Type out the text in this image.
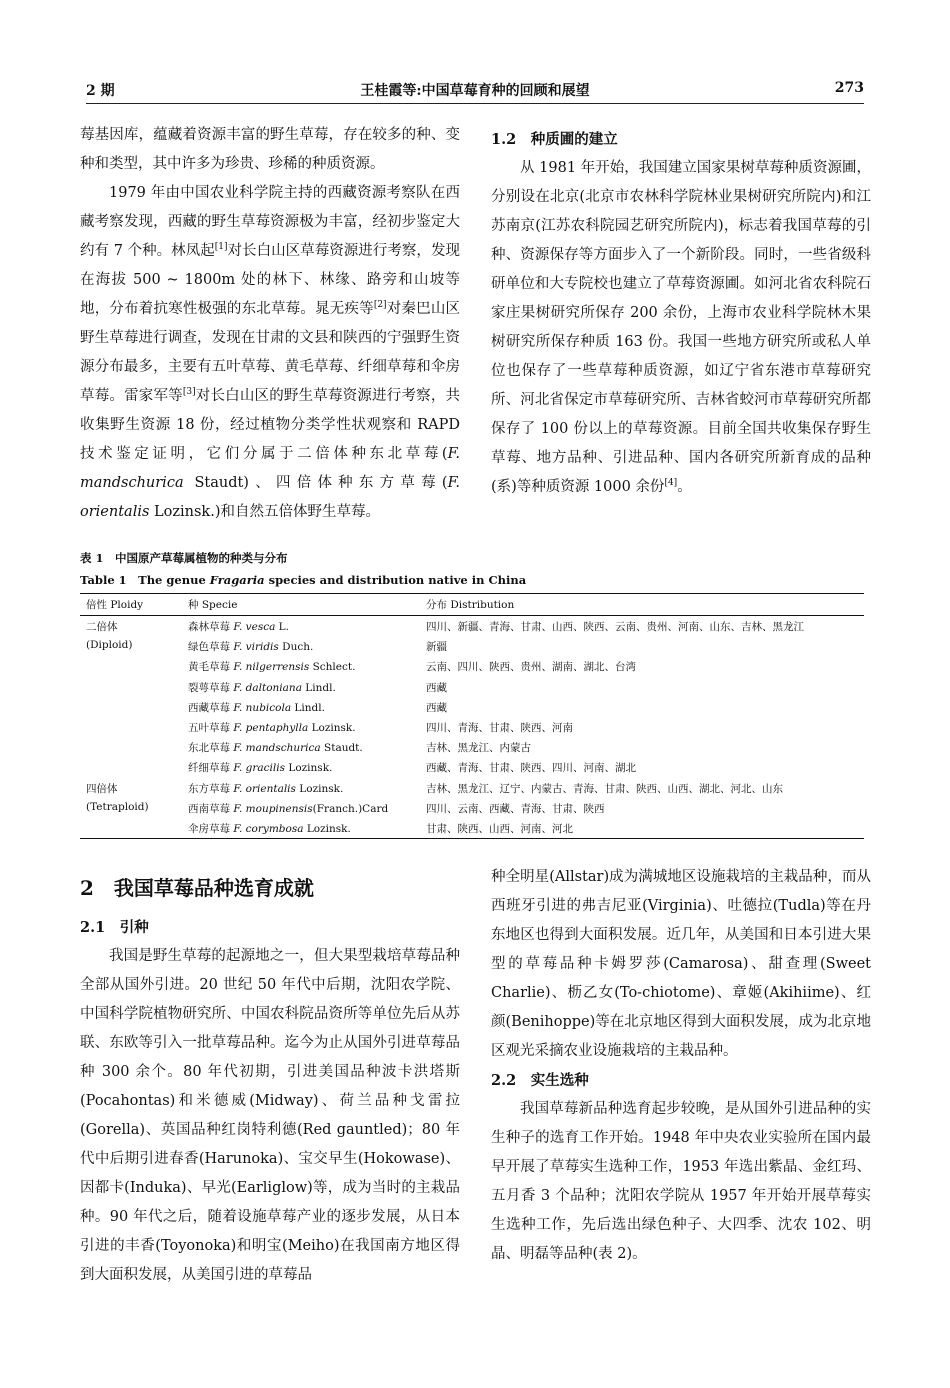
2 期	王桂霞等:中国草莓育种的回顾和展望	273

莓基因库，蕴藏着资源丰富的野生草莓，存在较多的种、变种和类型，其中许多为珍贵、珍稀的种质资源。

1979 年由中国农业科学院主持的西藏资源考察队在西藏考察发现，西藏的野生草莓资源极为丰富，经初步鉴定大约有 7 个种。林凤起[1]对长白山区草莓资源进行考察，发现在海拔 500 ~ 1800m 处的林下、林缘、路旁和山坡等地，分布着抗寒性极强的东北草莓。晁无疾等[2]对秦巴山区野生草莓进行调查，发现在甘肃的文县和陕西的宁强野生资源分布最多，主要有五叶草莓、黄毛草莓、纤细草莓和伞房草莓。雷家军等[3]对长白山区的野生草莓资源进行考察，共收集野生资源 18 份，经过植物分类学性状观察和 RAPD 技术鉴定证明，它们分属于二倍体种东北草莓(F. mandschurica Staudt)、四倍体种东方草莓(F. orientalis Lozinsk.)和自然五倍体野生草莓。

1.2　种质圃的建立

从 1981 年开始，我国建立国家果树草莓种质资源圃，分别设在北京(北京市农林科学院林业果树研究所院内)和江苏南京(江苏农科院园艺研究所院内)，标志着我国草莓的引种、资源保存等方面步入了一个新阶段。同时，一些省级科研单位和大专院校也建立了草莓资源圃。如河北省农科院石家庄果树研究所保存 200 余份，上海市农业科学院林木果树研究所保存种质 163 份。我国一些地方研究所或私人单位也保存了一些草莓种质资源，如辽宁省东港市草莓研究所、河北省保定市草莓研究所、吉林省蛟河市草莓研究所都保存了 100 份以上的草莓资源。目前全国共收集保存野生草莓、地方品种、引进品种、国内各研究所新育成的品种(系)等种质资源 1000 余份[4]。

表 1　中国原产草莓属植物的种类与分布
Table 1　The genue Fragaria species and distribution native in China
倍性 Ploidy	种 Specie	分布 Distribution
二倍体	森林草莓 F. vesca L.	四川、新疆、青海、甘肃、山西、陕西、云南、贵州、河南、山东、吉林、黑龙江
(Diploid)	绿色草莓 F. viridis Duch.	新疆
黄毛草莓 F. nilgerrensis Schlect.	云南、四川、陕西、贵州、湖南、湖北、台湾
裂萼草莓 F. daltoniana Lindl.	西藏
西藏草莓 F. nubicola Lindl.	西藏
五叶草莓 F. pentaphylla Lozinsk.	四川、青海、甘肃、陕西、河南
东北草莓 F. mandschurica Staudt.	吉林、黑龙江、内蒙古
纤细草莓 F. gracilis Lozinsk.	西藏、青海、甘肃、陕西、四川、河南、湖北
四倍体	东方草莓 F. orientalis Lozinsk.	吉林、黑龙江、辽宁、内蒙古、青海、甘肃、陕西、山西、湖北、河北、山东
(Tetraploid)	西南草莓 F. moupinensis(Franch.)Card	四川、云南、西藏、青海、甘肃、陕西
伞房草莓 F. corymbosa Lozinsk.	甘肃、陕西、山西、河南、河北

2　我国草莓品种选育成就

2.1　引种

我国是野生草莓的起源地之一，但大果型栽培草莓品种全部从国外引进。20 世纪 50 年代中后期，沈阳农学院、中国科学院植物研究所、中国农科院品资所等单位先后从苏联、东欧等引入一批草莓品种。迄今为止从国外引进草莓品种 300 余个。80 年代初期，引进美国品种波卡洪塔斯(Pocahontas)和米德威(Midway)、荷兰品种戈雷拉(Gorella)、英国品种红岗特利德(Red gauntled)；80 年代中后期引进春香(Harunoka)、宝交早生(Hokowase)、因都卡(Induka)、早光(Earliglow)等，成为当时的主栽品种。90 年代之后，随着设施草莓产业的逐步发展，从日本引进的丰香(Toyonoka)和明宝(Meiho)在我国南方地区得到大面积发展，从美国引进的草莓品

种全明星(Allstar)成为满城地区设施栽培的主栽品种，而从西班牙引进的弗吉尼亚(Virginia)、吐德拉(Tudla)等在丹东地区也得到大面积发展。近几年，从美国和日本引进大果型的草莓品种卡姆罗莎(Camarosa)、甜查理(Sweet Charlie)、枥乙女(To-chiotome)、章姬(Akihiime)、红颜(Benihoppe)等在北京地区得到大面积发展，成为北京地区观光采摘农业设施栽培的主栽品种。

2.2　实生选种

我国草莓新品种选育起步较晚，是从国外引进品种的实生种子的选育工作开始。1948 年中央农业实验所在国内最早开展了草莓实生选种工作，1953 年选出紫晶、金红玛、五月香 3 个品种；沈阳农学院从 1957 年开始开展草莓实生选种工作，先后选出绿色种子、大四季、沈农 102、明晶、明磊等品种(表 2)。
